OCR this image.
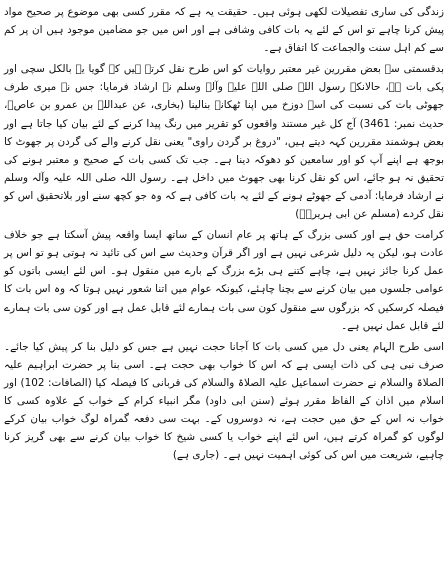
زندگی کی ساری تفصیلات لکھی ہوئی ہیں۔ حقیقت یہ ہے کہ مقرر کسی بھی موضوع پر صحیح مواد پیش کرنا چاہے تو اس کے لئے یہ بات کافی وشافی ہے اور اس میں جو مضامین موجود ہیں ان پر کم سے کم اہل سنت والجماعت کا اتفاق ہے۔

بدقسمتی سے بعض مقررین غیر معتبر روایات کو اس طرح نقل کرتے ہیں کہ گویا یہ بالکل سچی اور پکی بات ہے، حالانکہ رسول اللہ صلی اللہ علیہ وآلہ وسلم نے ارشاد فرمایا: جس نے میری طرف جھوٹی بات کی نسبت کی اسے دوزخ میں اپنا ٹھکانہ بنالینا (بخاری، عن عبداللہ بن عمرو بن عاصؓ، حدیث نمبر: 3461) آج کل غیر مستند واقعوں کو تقریر میں رنگ پیدا کرنے کے لئے بیان کیا جاتا ہے اور بعض ہوشمند مقررین کہہ دیتے ہیں، "دروغ بر گردن راوی" یعنی نقل کرنے والے کی گردن پر جھوٹ کا بوجھ ہے اپنے آپ کو اور سامعین کو دھوکہ دینا ہے۔ جب تک کسی بات کے صحیح و معتبر ہونے کی تحقیق نہ ہو جائے، اس کو نقل کرنا بھی جھوٹ میں داخل ہے۔ رسول اللہ صلی اللہ علیہ وآلہ وسلم نے ارشاد فرمایا: آدمی کے جھوٹے ہونے کے لئے یہ بات کافی ہے کہ وہ جو کچھ سنے اور بلاتحقیق اس کو نقل کردے (مسلم عن ابی ہریرہؓ)

کرامت حق ہے اور کسی بزرگ کے ہاتھ پر عام انسان کے ساتھ ایسا واقعہ پیش آسکتا ہے جو خلاف عادت ہو، لیکن یہ دلیل شرعی نہیں ہے اور اگر قرآن وحدیث سے اس کی تائید نہ ہوتی ہو تو اس پر عمل کرنا جائز نہیں ہے، چاہے کتنے ہی بڑے بزرگ کے بارے میں منقول ہو۔ اس لئے ایسی باتوں کو عوامی جلسوں میں بیان کرنے سے بچنا چاہئے، کیونکہ عوام میں اتنا شعور نہیں ہوتا کہ وہ اس بات کا فیصلہ کرسکیں کہ بزرگوں سے منقول کون سی بات ہمارے لئے قابل عمل ہے اور کون سی بات ہمارے لئے قابل عمل نہیں ہے۔

اسی طرح الہام یعنی دل میں کسی بات کا آجانا حجت نہیں ہے جس کو دلیل بنا کر پیش کیا جائے۔ صرف نبی ہی کی ذات ایسی ہے کہ اس کا خواب بھی حجت ہے۔ اسی بنا پر حضرت ابراہیم علیہ الصلاۃ والسلام نے حضرت اسماعیل علیہ الصلاۃ والسلام کی قربانی کا فیصلہ کیا (الصافات: 102) اور اسلام میں اذان کے الفاظ مقرر ہوئے (سنن ابی داود) مگر انبیاء کرام کے خواب کے علاوہ کسی کا خواب نہ اس کے حق میں حجت ہے، نہ دوسروں کے۔ بہت سی دفعہ گمراہ لوگ خواب بیان کرکے لوگوں کو گمراہ کرتے ہیں، اس لئے اپنے خواب یا کسی شیخ کا خواب بیان کرنے سے بھی گریز کرنا چاہیے، شریعت میں اس کی کوئی اہمیت نہیں ہے۔ (جاری ہے)
